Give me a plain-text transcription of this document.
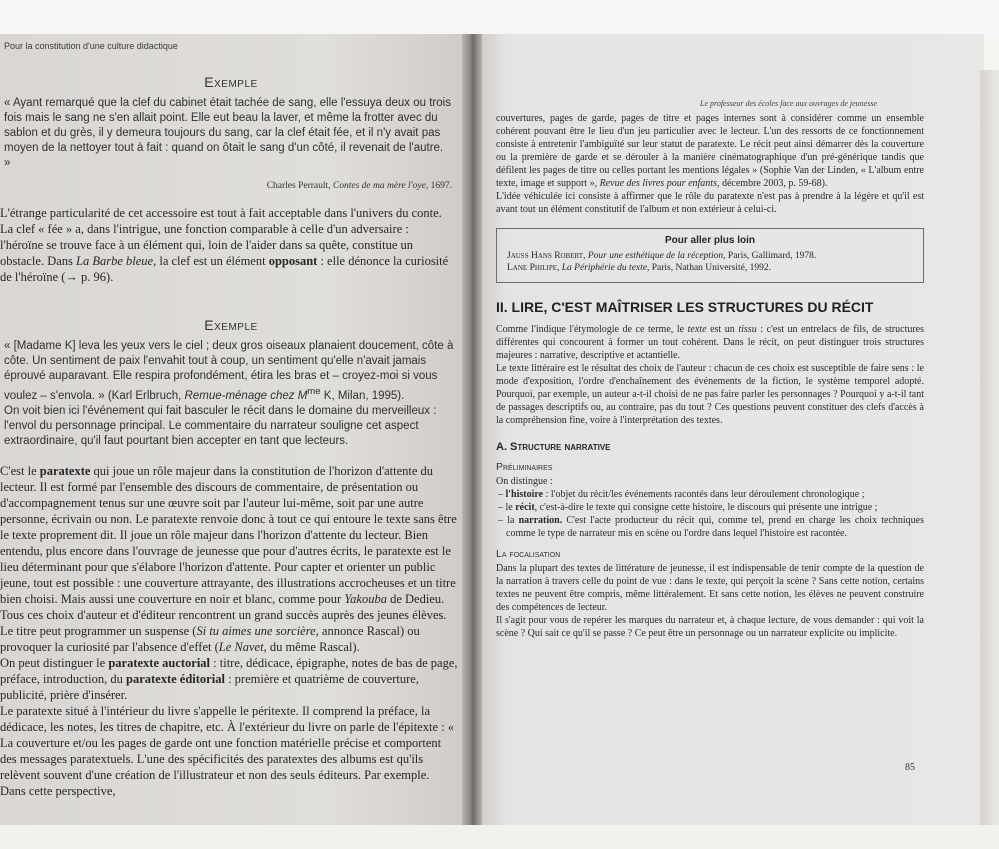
Pour la constitution d'une culture didactique
Le professeur des écoles face aux ouvrages de jeunesse
Exemple

« Ayant remarqué que la clef du cabinet était tachée de sang, elle l'essuya deux ou trois fois mais le sang ne s'en allait point. Elle eut beau la laver, et même la frotter avec du sablon et du grès, il y demeura toujours du sang, car la clef était fée, et il n'y avait pas moyen de la nettoyer tout à fait : quand on ôtait le sang d'un côté, il revenait de l'autre. »

Charles Perrault, Contes de ma mère l'oye, 1697.

L'étrange particularité de cet accessoire est tout à fait acceptable dans l'univers du conte. La clef « fée » a, dans l'intrigue, une fonction comparable à celle d'un adversaire : l'héroïne se trouve face à un élément qui, loin de l'aider dans sa quête, constitue un obstacle. Dans La Barbe bleue, la clef est un élément opposant : elle dénonce la curiosité de l'héroïne (→ p. 96).

Exemple

« [Madame K] leva les yeux vers le ciel ; deux gros oiseaux planaient doucement, côte à côte. Un sentiment de paix l'envahit tout à coup, un sentiment qu'elle n'avait jamais éprouvé auparavant. Elle respira profondément, étira les bras et – croyez-moi si vous voulez – s'envola. » (Karl Erlbruch, Remue-ménage chez $M^{me}$ K, Milan, 1995).

On voit bien ici l'événement qui fait basculer le récit dans le domaine du merveilleux : l'envol du personnage principal. Le commentaire du narrateur souligne cet aspect extraordinaire, qu'il faut pourtant bien accepter en tant que lecteurs.

C'est le paratexte qui joue un rôle majeur dans la constitution de l'horizon d'attente du lecteur. Il est formé par l'ensemble des discours de commentaire, de présentation ou d'accompagnement tenus sur une œuvre soit par l'auteur lui-même, soit par une autre personne, écrivain ou non. Le paratexte renvoie donc à tout ce qui entoure le texte sans être le texte proprement dit. Il joue un rôle majeur dans l'horizon d'attente du lecteur. Bien entendu, plus encore dans l'ouvrage de jeunesse que pour d'autres écrits, le paratexte est le lieu déterminant pour que s'élabore l'horizon d'attente. Pour capter et orienter un public jeune, tout est possible : une couverture attrayante, des illustrations accrocheuses et un titre bien choisi. Mais aussi une couverture en noir et blanc, comme pour Yakouba de Dedieu. Tous ces choix d'auteur et d'éditeur rencontrent un grand succès auprès des jeunes élèves. Le titre peut programmer un suspense (Si tu aimes une sorcière, annonce Rascal) ou provoquer la curiosité par l'absence d'effet (Le Navet, du même Rascal).

On peut distinguer le paratexte auctorial : titre, dédicace, épigraphe, notes de bas de page, préface, introduction, du paratexte éditorial : première et quatrième de couverture, publicité, prière d'insérer.

Le paratexte situé à l'intérieur du livre s'appelle le péritexte. Il comprend la préface, la dédicace, les notes, les titres de chapitre, etc. À l'extérieur du livre on parle de l'épitexte : « La couverture et/ou les pages de garde ont une fonction matérielle précise et comportent des messages paratextuels. L'une des spécificités des paratextes des albums est qu'ils relèvent souvent d'une création de l'illustrateur et non des seuls éditeurs. Par exemple. Dans cette perspective,

couvertures, pages de garde, pages de titre et pages internes sont à considérer comme un ensemble cohérent pouvant être le lieu d'un jeu particulier avec le lecteur. L'un des ressorts de ce fonctionnement consiste à entretenir l'ambiguïté sur leur statut de paratexte. Le récit peut ainsi démarrer dès la couverture ou la première de garde et se dérouler à la manière cinématographique d'un pré-générique tandis que défilent les pages de titre ou celles portant les mentions légales » (Sophie Van der Linden, « L'album entre texte, image et support », Revue des livres pour enfants, décembre 2003, p. 59-68).

L'idée véhiculée ici consiste à affirmer que le rôle du paratexte n'est pas à prendre à la légère et qu'il est avant tout un élément constitutif de l'album et non extérieur à celui-ci.

Pour aller plus loin
Jauss Hans Robert, Pour une esthétique de la réception, Paris, Gallimard, 1978.
Lane Philipe, La Périphérie du texte, Paris, Nathan Université, 1992.
II. LIRE, C'EST MAÎTRISER LES STRUCTURES DU RÉCIT

Comme l'indique l'étymologie de ce terme, le texte est un tissu : c'est un entrelacs de fils, de structures différentes qui concourent à former un tout cohérent. Dans le récit, on peut distinguer trois structures majeures : narrative, descriptive et actantielle.

Le texte littéraire est le résultat des choix de l'auteur : chacun de ces choix est susceptible de faire sens : le mode d'exposition, l'ordre d'enchaînement des événements de la fiction, le système temporel adopté. Pourquoi, par exemple, un auteur a-t-il choisi de ne pas faire parler les personnages ? Pourquoi y a-t-il tant de passages descriptifs ou, au contraire, pas du tout ? Ces questions peuvent constituer des clefs d'accès à la compréhension fine, voire à l'interprétation des textes.

A. Structure narrative
Préliminaires

On distingue :

– l'histoire : l'objet du récit/les événements racontés dans leur déroulement chronologique ;

– le récit, c'est-à-dire le texte qui consigne cette histoire, le discours qui présente une intrigue ;

– la narration. C'est l'acte producteur du récit qui, comme tel, prend en charge les choix techniques comme le type de narrateur mis en scène ou l'ordre dans lequel l'histoire est racontée.

La focalisation

Dans la plupart des textes de littérature de jeunesse, il est indispensable de tenir compte de la question de la narration à travers celle du point de vue : dans le texte, qui perçoit la scène ? Sans cette notion, certains textes ne peuvent être compris, même littéralement. Et sans cette notion, les élèves ne peuvent construire des compétences de lecteur.

Il s'agit pour vous de repérer les marques du narrateur et, à chaque lecture, de vous demander : qui voit la scène ? Qui sait ce qu'il se passe ? Ce peut être un personnage ou un narrateur explicite ou implicite.

85
